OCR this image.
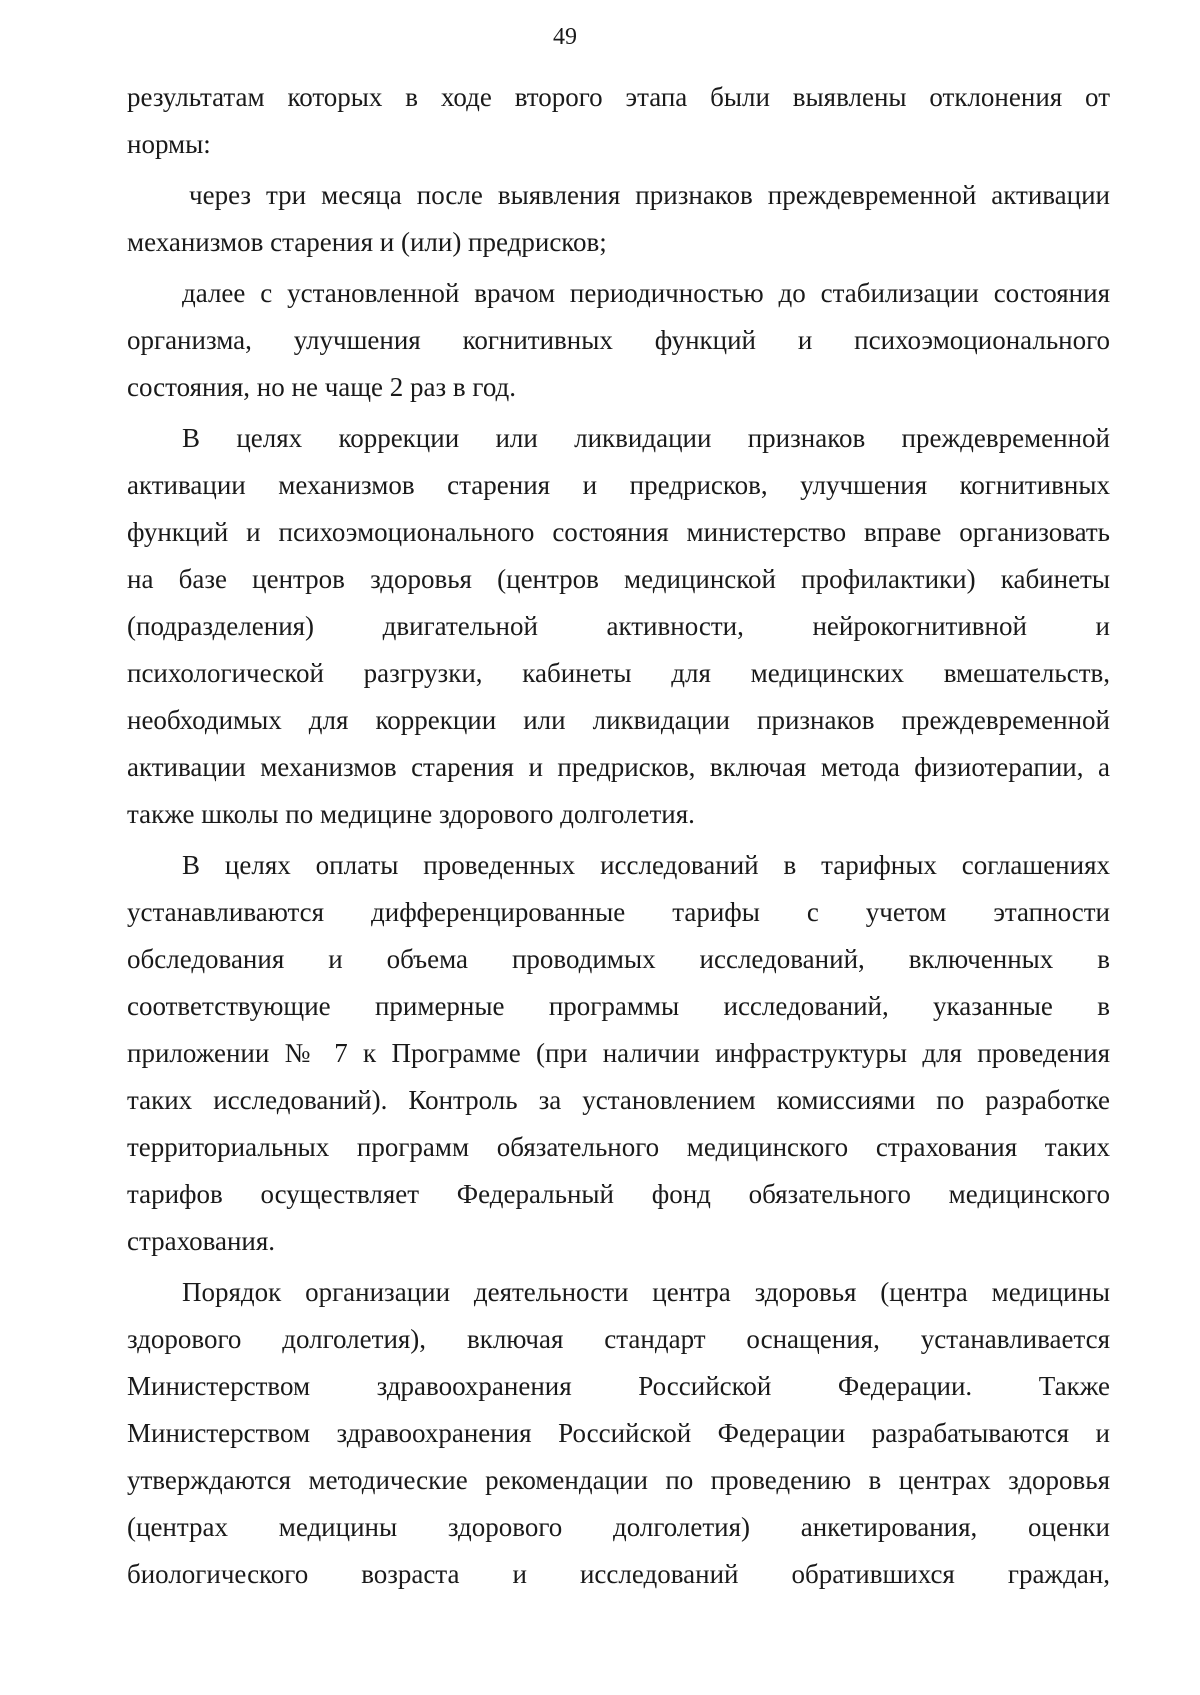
49

результатам которых в ходе второго этапа были выявлены отклонения от
нормы:

через три месяца после выявления признаков преждевременной активации
механизмов старения и (или) предрисков;

далее с установленной врачом периодичностью до стабилизации состояния
организма, улучшения когнитивных функций и психоэмоционального
состояния, но не чаще 2 раз в год.

В целях коррекции или ликвидации признаков преждевременной
активации механизмов старения и предрисков, улучшения когнитивных
функций и психоэмоционального состояния министерство вправе организовать
на базе центров здоровья (центров медицинской профилактики) кабинеты
(подразделения) двигательной активности, нейрокогнитивной и
психологической разгрузки, кабинеты для медицинских вмешательств,
необходимых для коррекции или ликвидации признаков преждевременной
активации механизмов старения и предрисков, включая метода физиотерапии, а
также школы по медицине здорового долголетия.

В целях оплаты проведенных исследований в тарифных соглашениях
устанавливаются дифференцированные тарифы с учетом этапности
обследования и объема проводимых исследований, включенных в
соответствующие примерные программы исследований, указанные в
приложении № 7 к Программе (при наличии инфраструктуры для проведения
таких исследований). Контроль за установлением комиссиями по разработке
территориальных программ обязательного медицинского страхования таких
тарифов осуществляет Федеральный фонд обязательного медицинского
страхования.

Порядок организации деятельности центра здоровья (центра медицины
здорового долголетия), включая стандарт оснащения, устанавливается
Министерством здравоохранения Российской Федерации. Также
Министерством здравоохранения Российской Федерации разрабатываются и
утверждаются методические рекомендации по проведению в центрах здоровья
(центрах медицины здорового долголетия) анкетирования, оценки
биологического возраста и исследований обратившихся граждан,
